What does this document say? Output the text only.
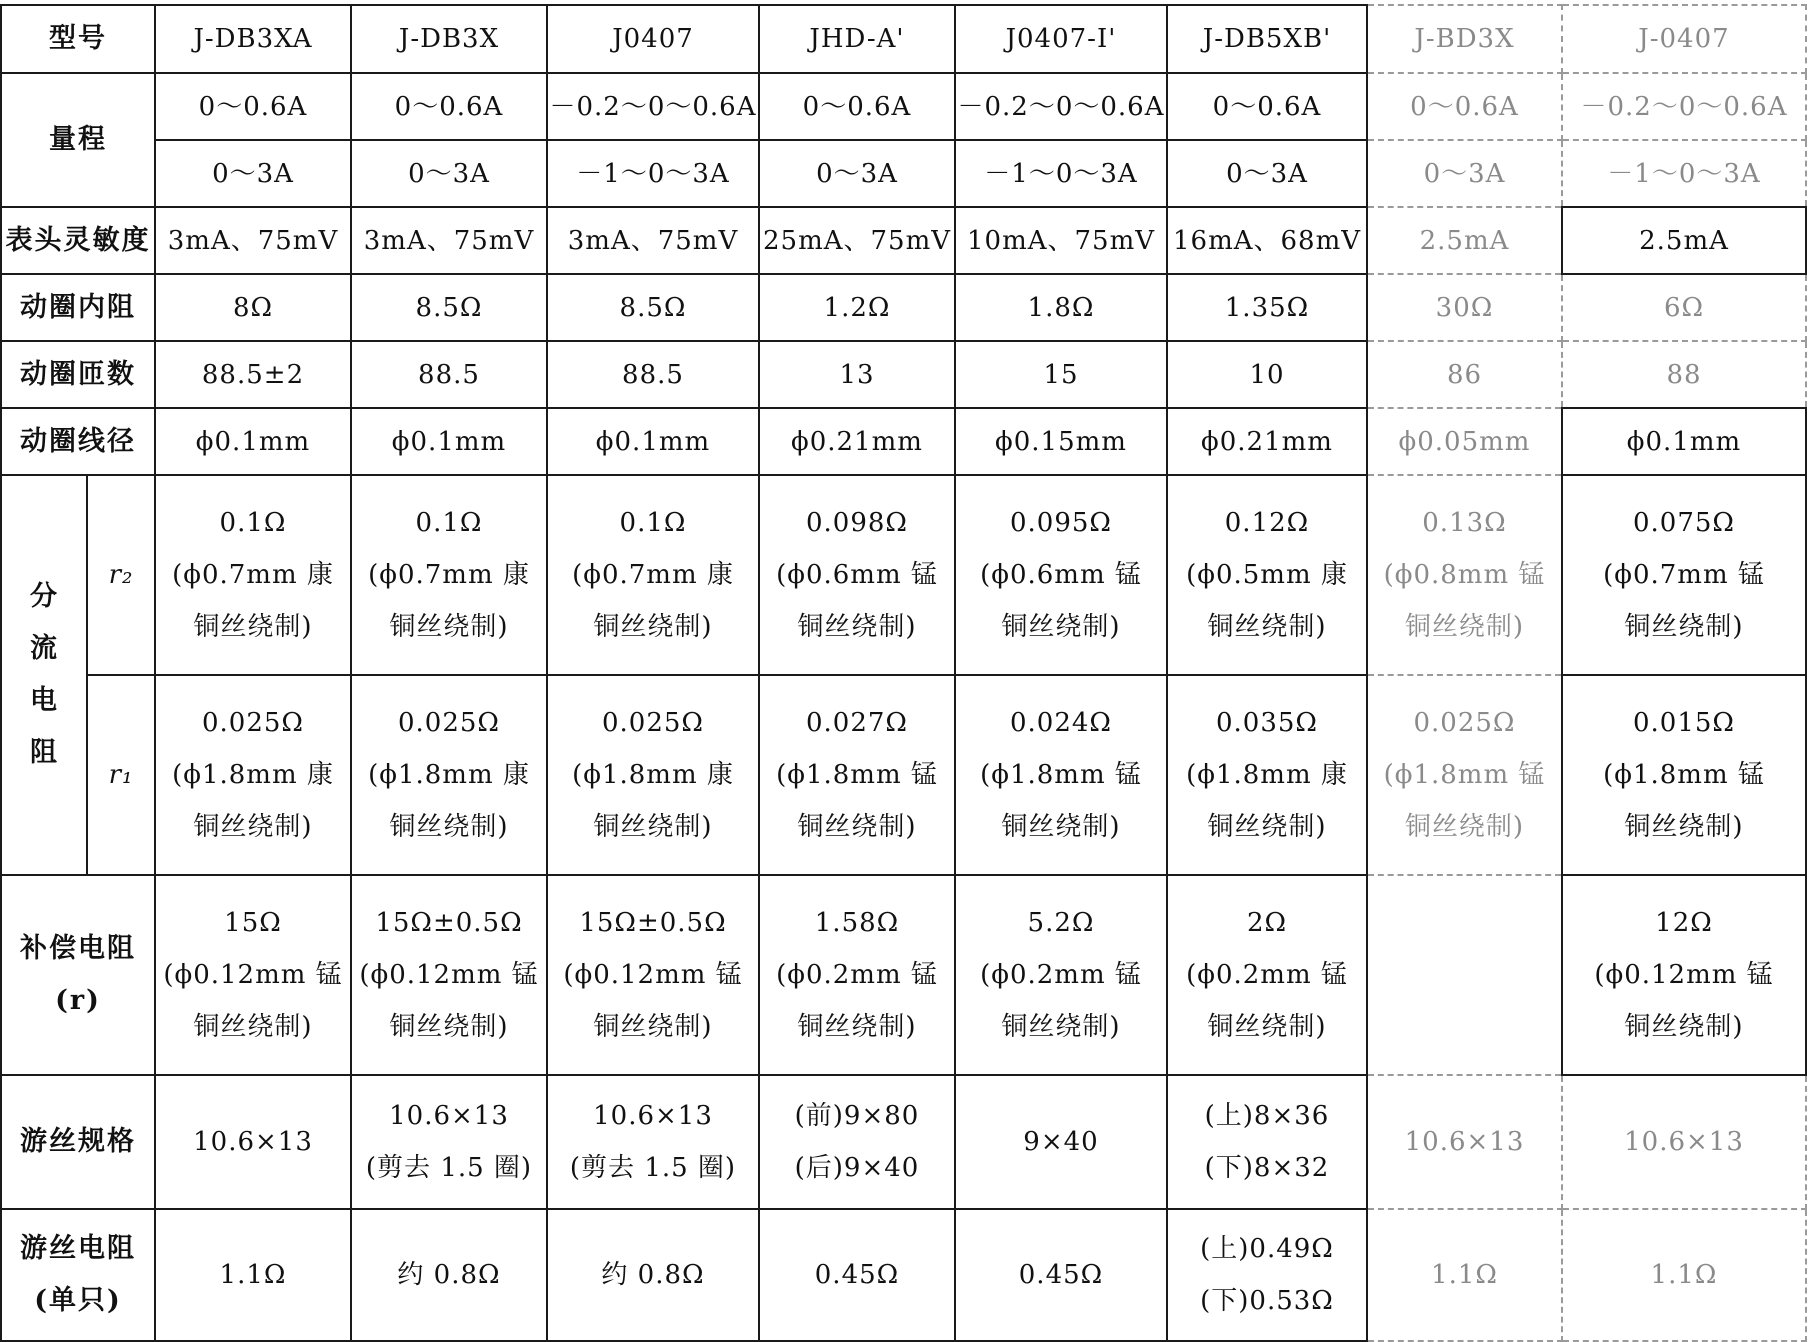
型号		J-DB3XA	J-DB3X	J0407	JHD-A'	J0407-Ⅰ'	J-DB5XB'	J-BD3X	J-0407
量程		0～0.6A	0～0.6A	－0.2～0～0.6A	0～0.6A	－0.2～0～0.6A	0～0.6A	0～0.6A	－0.2～0～0.6A
		0～3A	0～3A	－1～0～3A	0～3A	－1～0～3A	0～3A	0～3A	－1～0～3A
表头灵敏度		3mA、75mV	3mA、75mV	3mA、75mV	25mA、75mV	10mA、75mV	16mA、68mV	2.5mA	2.5mA
动圈内阻		8Ω	8.5Ω	8.5Ω	1.2Ω	1.8Ω	1.35Ω	30Ω	6Ω
动圈匝数		88.5±2	88.5	88.5	13	15	10	86	88
动圈线径		ϕ0.1mm	ϕ0.1mm	ϕ0.1mm	ϕ0.21mm	ϕ0.15mm	ϕ0.21mm	ϕ0.05mm	ϕ0.1mm
分流电阻	r₂	0.1Ω
(ϕ0.7mm 康
铜丝绕制)	0.1Ω
(ϕ0.7mm 康
铜丝绕制)	0.1Ω
(ϕ0.7mm 康
铜丝绕制)	0.098Ω
(ϕ0.6mm 锰
铜丝绕制)	0.095Ω
(ϕ0.6mm 锰
铜丝绕制)	0.12Ω
(ϕ0.5mm 康
铜丝绕制)	0.13Ω
(ϕ0.8mm 锰
铜丝绕制)	0.075Ω
(ϕ0.7mm 锰
铜丝绕制)

	r₁	0.025Ω
(ϕ1.8mm 康
铜丝绕制)	0.025Ω
(ϕ1.8mm 康
铜丝绕制)	0.025Ω
(ϕ1.8mm 康
铜丝绕制)	0.027Ω
(ϕ1.8mm 锰
铜丝绕制)	0.024Ω
(ϕ1.8mm 锰
铜丝绕制)	0.035Ω
(ϕ1.8mm 康
铜丝绕制)	0.025Ω
(ϕ1.8mm 锰
铜丝绕制)	0.015Ω
(ϕ1.8mm 锰
铜丝绕制)

补偿电阻
(r)		15Ω
(ϕ0.12mm 锰
铜丝绕制)	15Ω±0.5Ω
(ϕ0.12mm 锰
铜丝绕制)	15Ω±0.5Ω
(ϕ0.12mm 锰
铜丝绕制)	1.58Ω
(ϕ0.2mm 锰
铜丝绕制)	5.2Ω
(ϕ0.2mm 锰
铜丝绕制)	2Ω
(ϕ0.2mm 锰
铜丝绕制)		12Ω
(ϕ0.12mm 锰
铜丝绕制)

游丝规格		10.6×13	10.6×13
(剪去 1.5 圈)	10.6×13
(剪去 1.5 圈)	(前)9×80
(后)9×40	9×40	(上)8×36
(下)8×32	10.6×13	10.6×13

游丝电阻
(单只)		1.1Ω	约 0.8Ω	约 0.8Ω	0.45Ω	0.45Ω	(上)0.49Ω
(下)0.53Ω	1.1Ω	1.1Ω
